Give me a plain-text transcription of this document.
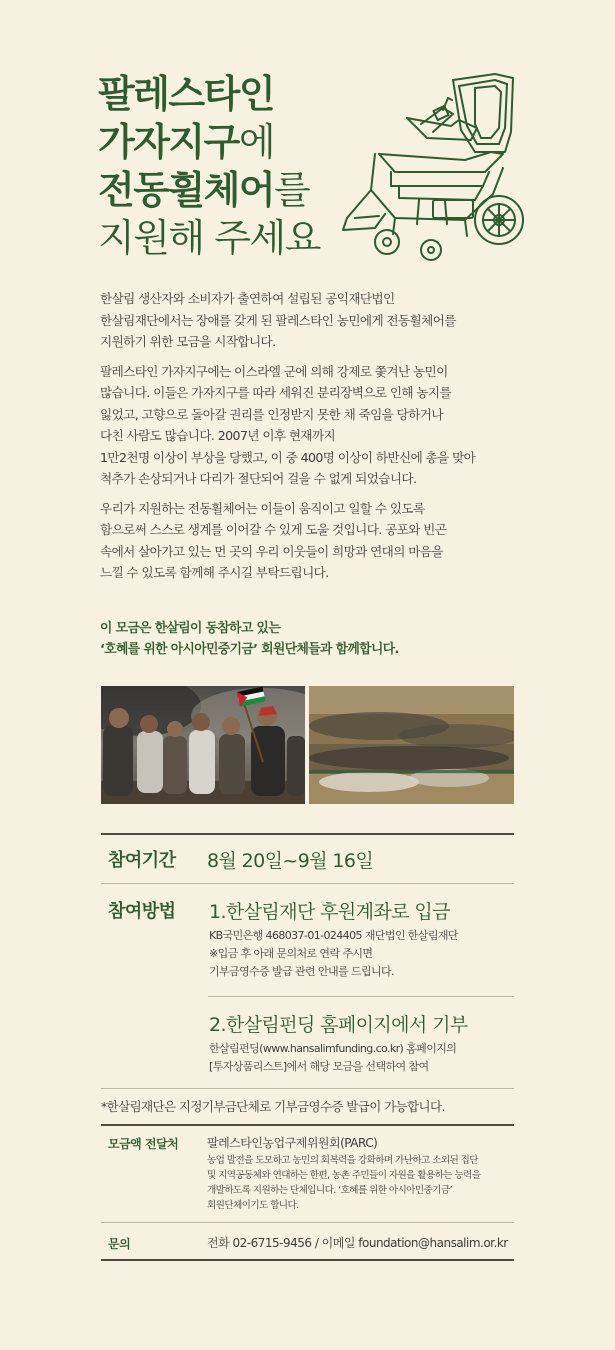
팔레스타인
가자지구에
전동휠체어를
지원해 주세요

한살림 생산자와 소비자가 출연하여 설립된 공익재단법인
한살림재단에서는 장애를 갖게 된 팔레스타인 농민에게 전동휠체어를
지원하기 위한 모금을 시작합니다.

팔레스타인 가자지구에는 이스라엘 군에 의해 강제로 쫓겨난 농민이
많습니다. 이들은 가자지구를 따라 세워진 분리장벽으로 인해 농지를
잃었고, 고향으로 돌아갈 권리를 인정받지 못한 채 죽임을 당하거나
다친 사람도 많습니다. 2007년 이후 현재까지
1만2천명 이상이 부상을 당했고, 이 중 400명 이상이 하반신에 총을 맞아
척추가 손상되거나 다리가 절단되어 걸을 수 없게 되었습니다.

우리가 지원하는 전동휠체어는 이들이 움직이고 일할 수 있도록
함으로써 스스로 생계를 이어갈 수 있게 도울 것입니다. 공포와 빈곤
속에서 살아가고 있는 먼 곳의 우리 이웃들이 희망과 연대의 마음을
느낄 수 있도록 함께해 주시길 부탁드립니다.

이 모금은 한살림이 동참하고 있는
‘호혜를 위한 아시아민중기금’ 회원단체들과 함께합니다.
참여기간 8월 20일~9월 16일
참여방법 1.한살림재단 후원계좌로 입금
KB국민은행 468037-01-024405 재단법인 한살림재단
※입금 후 아래 문의처로 연락 주시면
기부금영수증 발급 관련 안내를 드립니다.
2.한살림펀딩 홈페이지에서 기부
한살림펀딩(www.hansalimfunding.co.kr) 홈페이지의
[투자상품리스트]에서 해당 모금을 선택하여 참여
*한살림재단은 지정기부금단체로 기부금영수증 발급이 가능합니다.
모금액 전달처 팔레스타인농업구제위원회(PARC)
농업 발전을 도모하고 농민의 회복력을 강화하며 가난하고 소외된 집단
및 지역공동체와 연대하는 한편, 농촌 주민들이 자원을 활용하는 능력을
개발하도록 지원하는 단체입니다. ‘호혜를 위한 아시아민중기금’
회원단체이기도 합니다.
문의	전화 02-6715-9456 / 이메일 foundation@hansalim.or.kr
